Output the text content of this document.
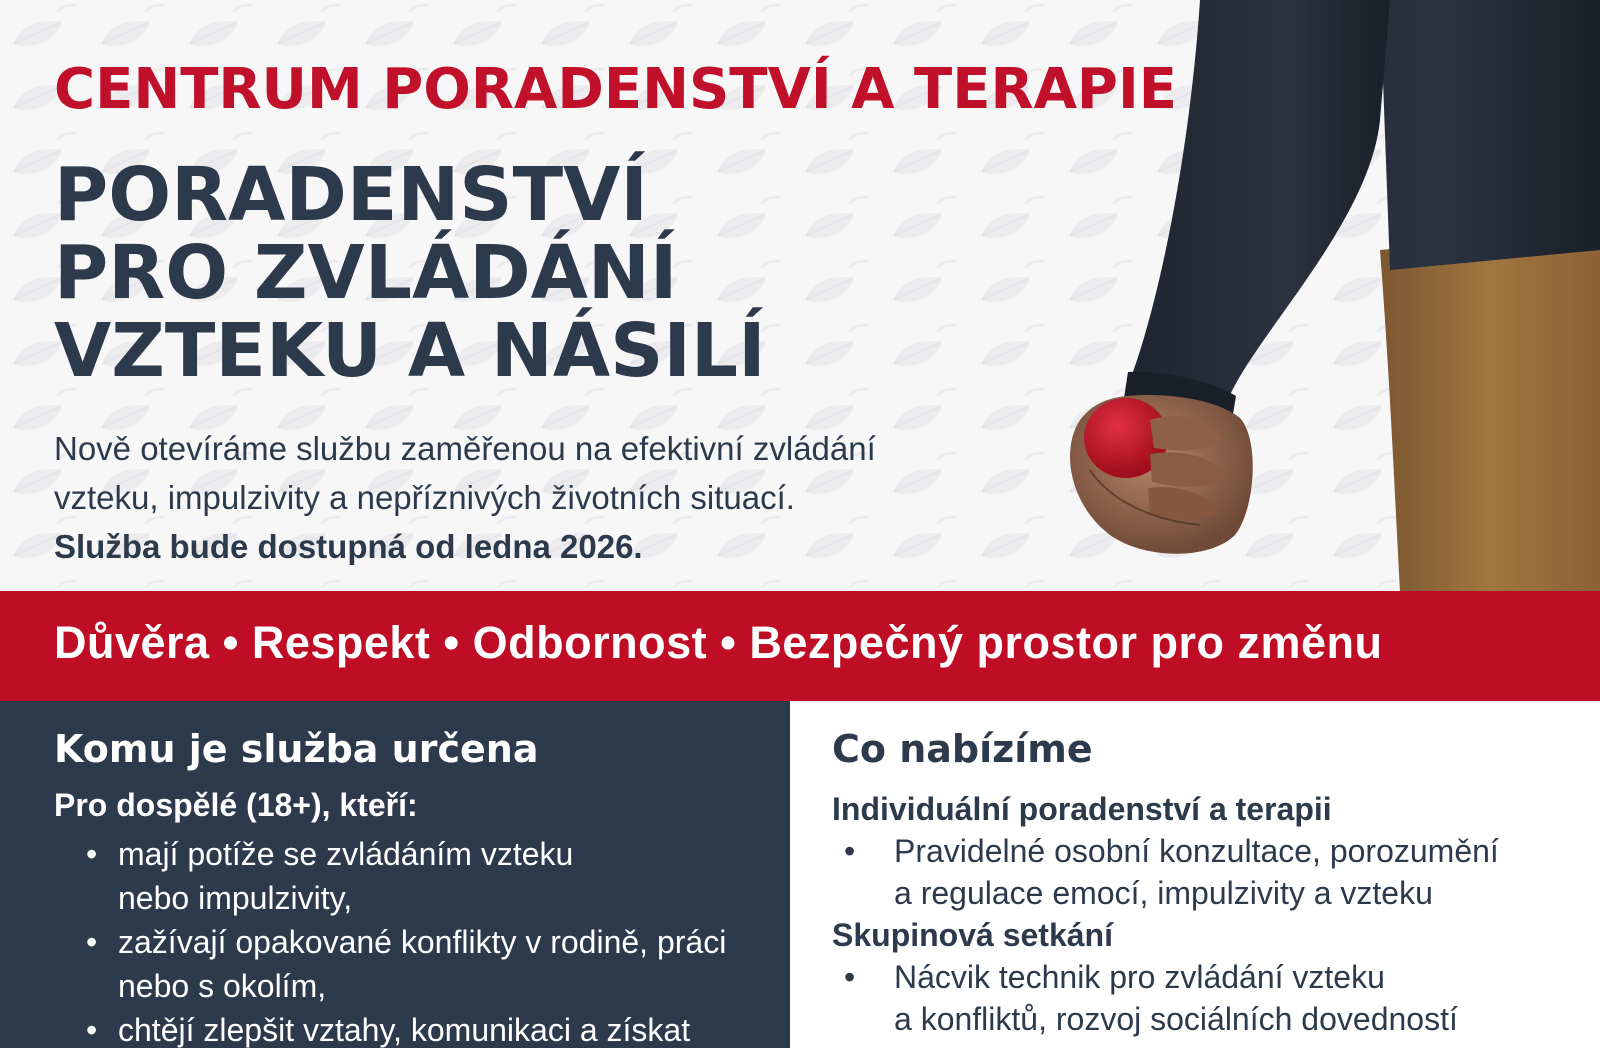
CENTRUM PORADENSTVÍ A TERAPIE
PORADENSTVÍ
PRO ZVLÁDÁNÍ
VZTEKU A NÁSILÍ

Nově otevíráme službu zaměřenou na efektivní zvládání
vzteku, impulzivity a nepříznivých životních situací.
Služba bude dostupná od ledna 2026.

Důvěra • Respekt • Odbornost • Bezpečný prostor pro změnu

Komu je služba určena
Pro dospělé (18+), kteří:
• mají potíže se zvládáním vzteku
nebo impulzivity,
• zažívají opakované konflikty v rodině, práci
nebo s okolím,
• chtějí zlepšit vztahy, komunikaci a získat
Co nabízíme
Individuální poradenství a terapii
• Pravidelné osobní konzultace, porozumění
a regulace emocí, impulzivity a vzteku
Skupinová setkání
• Nácvik technik pro zvládání vzteku
a konfliktů, rozvoj sociálních dovedností
